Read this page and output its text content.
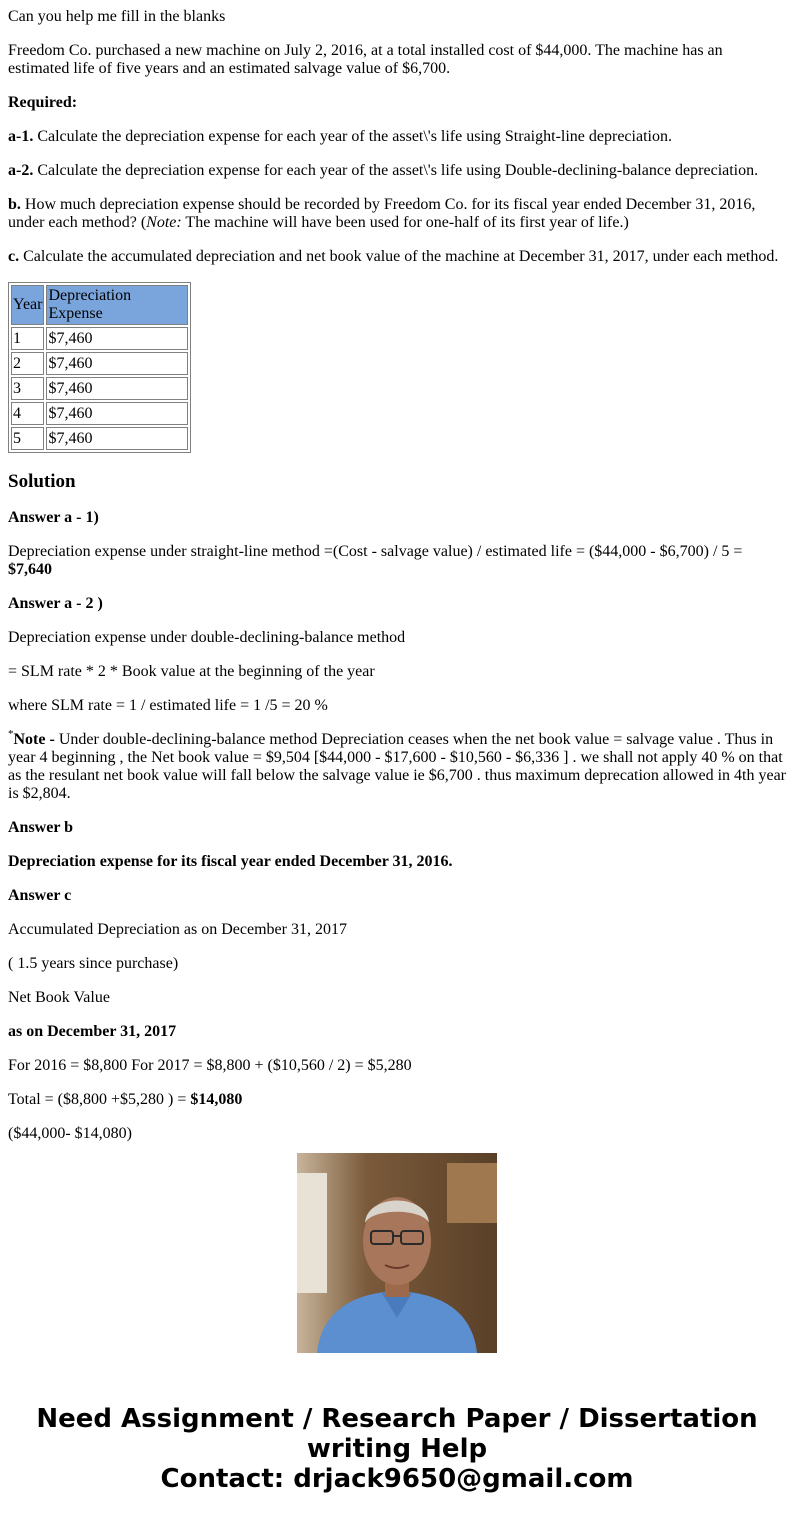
Can you help me fill in the blanks

Freedom Co. purchased a new machine on July 2, 2016, at a total installed cost of $44,000. The machine has an estimated life of five years and an estimated salvage value of $6,700.

Required:

a-1. Calculate the depreciation expense for each year of the asset\'s life using Straight-line depreciation.

a-2. Calculate the depreciation expense for each year of the asset\'s life using Double-declining-balance depreciation.

b. How much depreciation expense should be recorded by Freedom Co. for its fiscal year ended December 31, 2016, under each method? (Note: The machine will have been used for one-half of its first year of life.)

c. Calculate the accumulated depreciation and net book value of the machine at December 31, 2017, under each method.

Year	Depreciation Expense
1	$7,460
2	$7,460
3	$7,460
4	$7,460
5	$7,460
Solution

Answer a - 1)

Depreciation expense under straight-line method =(Cost - salvage value) / estimated life = ($44,000 - $6,700) / 5 = $7,640

Answer a - 2 )

Depreciation expense under double-declining-balance method

= SLM rate * 2 * Book value at the beginning of the year

where SLM rate = 1 / estimated life = 1 /5 = 20 %

*Note - Under double-declining-balance method Depreciation ceases when the net book value = salvage value . Thus in year 4 beginning , the Net book value = $9,504 [$44,000 - $17,600 - $10,560 - $6,336 ] . we shall not apply 40 % on that as the resulant net book value will fall below the salvage value ie $6,700 . thus maximum deprecation allowed in 4th year is $2,804.

Answer b

Depreciation expense for its fiscal year ended December 31, 2016.

Answer c

Accumulated Depreciation as on December 31, 2017

( 1.5 years since purchase)

Net Book Value

as on December 31, 2017

For 2016 = $8,800 For 2017 = $8,800 + ($10,560 / 2) = $5,280

Total = ($8,800 +$5,280 ) = $14,080

($44,000- $14,080)

Need Assignment / Research Paper / Dissertation
writing Help
Contact: drjack9650@gmail.com
